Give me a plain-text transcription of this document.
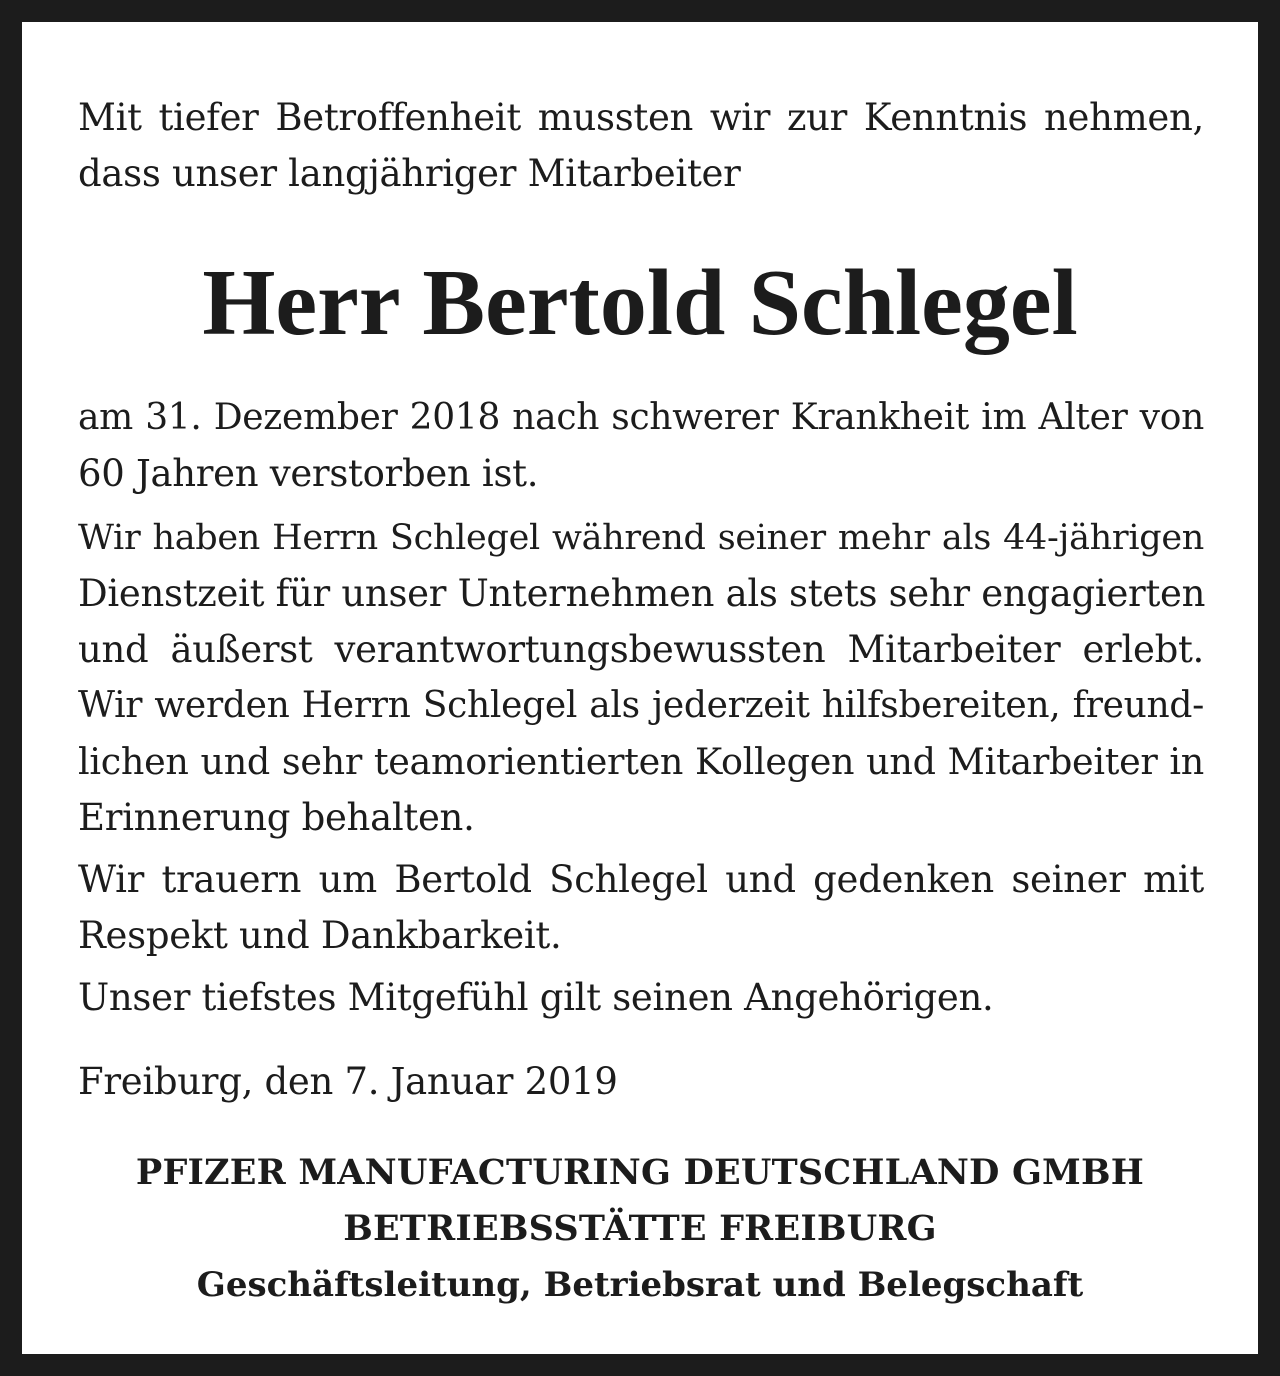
Mit tiefer Betroffenheit mussten wir zur Kenntnis nehmen,

dass unser langjähriger Mitarbeiter

Herr Bertold Schlegel

am 31. Dezember 2018 nach schwerer Krankheit im Alter von

60 Jahren verstorben ist.

Wir haben Herrn Schlegel während seiner mehr als 44-jährigen

Dienstzeit für unser Unternehmen als stets sehr engagierten

und äußerst verantwortungsbewussten Mitarbeiter erlebt.

Wir werden Herrn Schlegel als jederzeit hilfsbereiten, freund-

lichen und sehr teamorientierten Kollegen und Mitarbeiter in

Erinnerung behalten.

Wir trauern um Bertold Schlegel und gedenken seiner mit

Respekt und Dankbarkeit.

Unser tiefstes Mitgefühl gilt seinen Angehörigen.

Freiburg, den 7. Januar 2019

PFIZER MANUFACTURING DEUTSCHLAND GMBH

BETRIEBSSTÄTTE FREIBURG

Geschäftsleitung, Betriebsrat und Belegschaft
